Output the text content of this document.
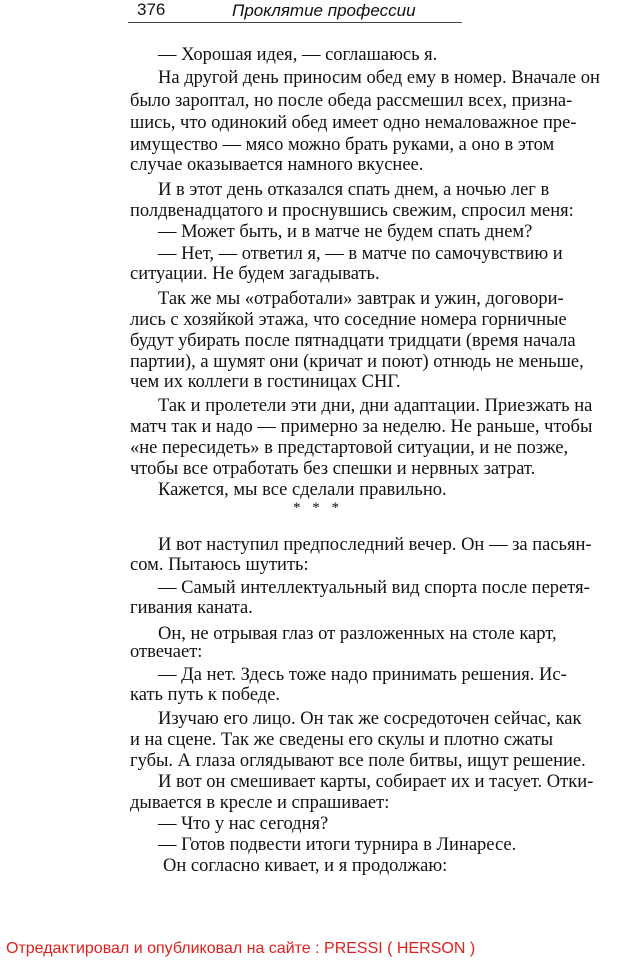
376	Проклятие профессии
— Хорошая идея, — соглашаюсь я.
На другой день приносим обед ему в номер. Вначале он
было зароптал, но после обеда рассмешил всех, призна-
шись, что одинокий обед имеет одно немаловажное пре-
имущество — мясо можно брать руками, а оно в этом
случае оказывается намного вкуснее.
И в этот день отказался спать днем, а ночью лег в
полдвенадцатого и проснувшись свежим, спросил меня:
— Может быть, и в матче не будем спать днем?
— Нет, — ответил я, — в матче по самочувствию и
ситуации. Не будем загадывать.
Так же мы «отработали» завтрак и ужин, договори-
лись с хозяйкой этажа, что соседние номера горничные
будут убирать после пятнадцати тридцати (время начала
партии), а шумят они (кричат и поют) отнюдь не меньше,
чем их коллеги в гостиницах СНГ.
Так и пролетели эти дни, дни адаптации. Приезжать на
матч так и надо — примерно за неделю. Не раньше, чтобы
«не пересидеть» в предстартовой ситуации, и не позже,
чтобы все отработать без спешки и нервных затрат.
Кажется, мы все сделали правильно.
* * *
И вот наступил предпоследний вечер. Он — за пасьян-
сом. Пытаюсь шутить:
— Самый интеллектуальный вид спорта после перетя-
гивания каната.
Он, не отрывая глаз от разложенных на столе карт,
отвечает:
— Да нет. Здесь тоже надо принимать решения. Ис-
кать путь к победе.
Изучаю его лицо. Он так же сосредоточен сейчас, как
и на сцене. Так же сведены его скулы и плотно сжаты
губы. А глаза оглядывают все поле битвы, ищут решение.
И вот он смешивает карты, собирает их и тасует. Отки-
дывается в кресле и спрашивает:
— Что у нас сегодня?
— Готов подвести итоги турнира в Линаресе.
Он согласно кивает, и я продолжаю:
Отредактировал и опубликовал на сайте : PRESSI ( HERSON )
